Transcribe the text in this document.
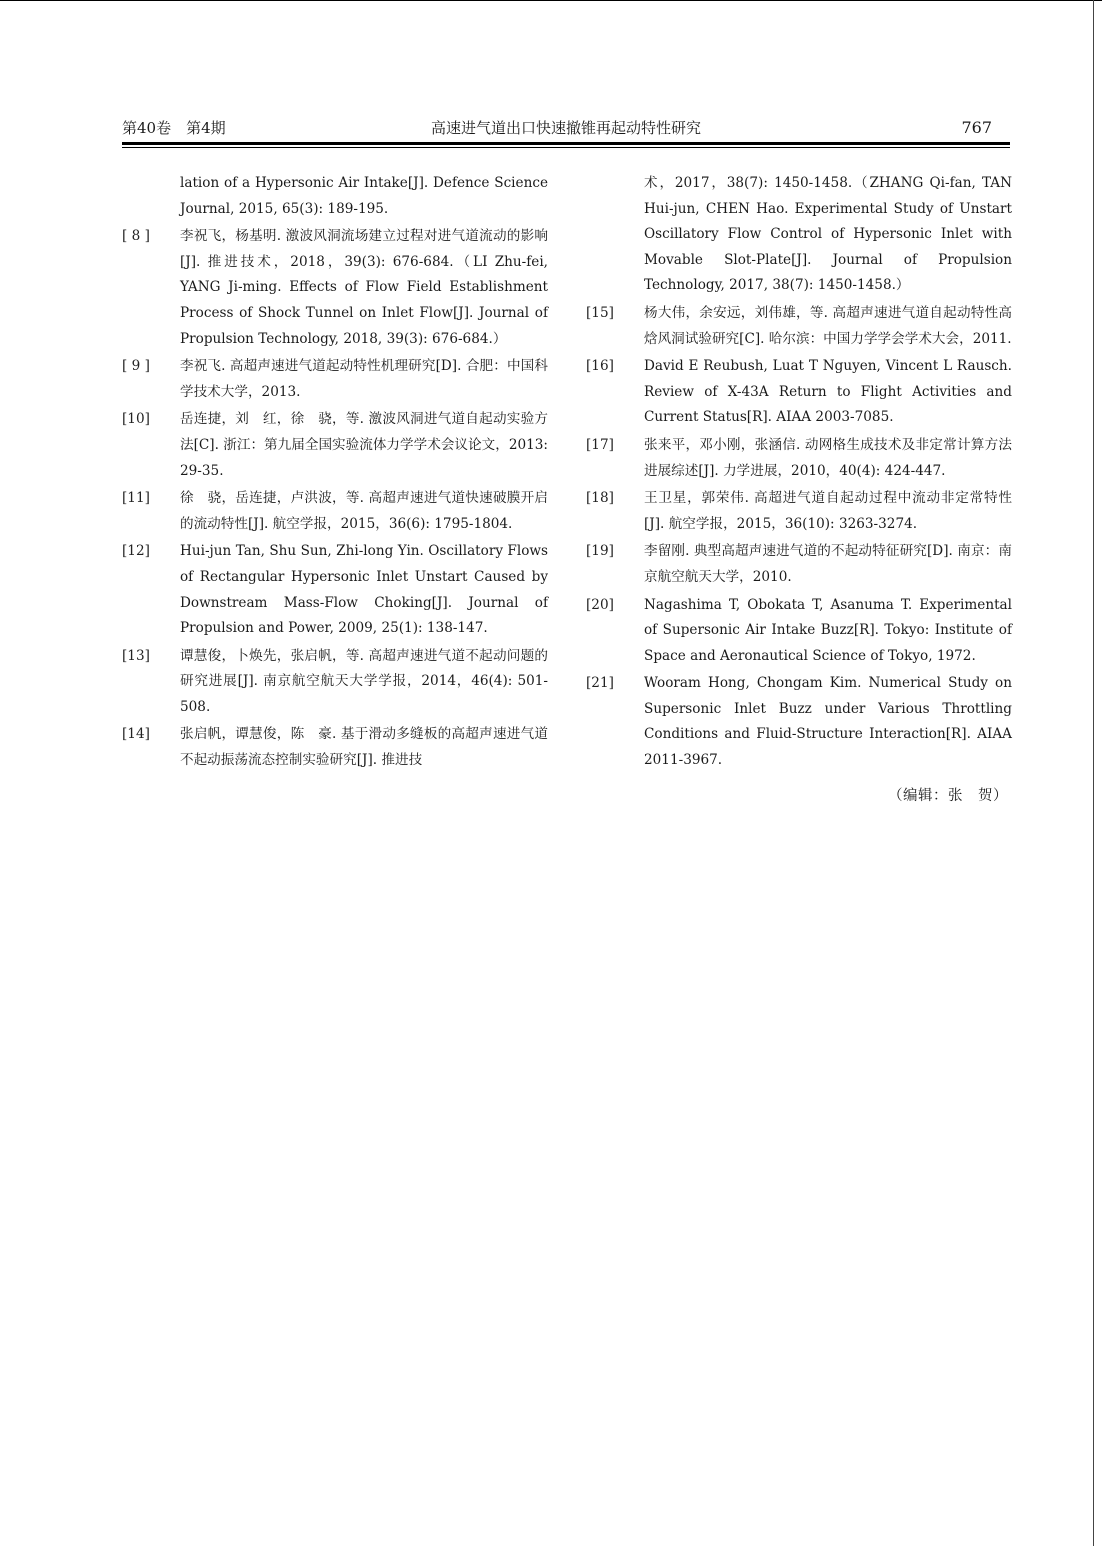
第40卷　第4期	高速进气道出口快速撤锥再起动特性研究	767
lation of a Hypersonic Air Intake[J]. Defence Science Journal, 2015, 65(3): 189-195.
[ 8 ]	李祝飞，杨基明. 激波风洞流场建立过程对进气道流动的影响[J]. 推进技术，2018，39(3): 676-684.（LI Zhu-fei, YANG Ji-ming. Effects of Flow Field Establishment Process of Shock Tunnel on Inlet Flow[J]. Journal of Propulsion Technology, 2018, 39(3): 676-684.）
[ 9 ]	李祝飞. 高超声速进气道起动特性机理研究[D]. 合肥：中国科学技术大学，2013.
[10]	岳连捷，刘　红，徐　骁，等. 激波风洞进气道自起动实验方法[C]. 浙江：第九届全国实验流体力学学术会议论文，2013: 29-35.
[11]	徐　骁，岳连捷，卢洪波，等. 高超声速进气道快速破膜开启的流动特性[J]. 航空学报，2015，36(6): 1795-1804.
[12]	Hui-jun Tan, Shu Sun, Zhi-long Yin. Oscillatory Flows of Rectangular Hypersonic Inlet Unstart Caused by Downstream Mass-Flow Choking[J]. Journal of Propulsion and Power, 2009, 25(1): 138-147.
[13]	谭慧俊，卜焕先，张启帆，等. 高超声速进气道不起动问题的研究进展[J]. 南京航空航天大学学报，2014，46(4): 501-508.
[14]	张启帆，谭慧俊，陈　豪. 基于滑动多缝板的高超声速进气道不起动振荡流态控制实验研究[J]. 推进技
术，2017，38(7): 1450-1458.（ZHANG Qi-fan, TAN Hui-jun, CHEN Hao. Experimental Study of Unstart Oscillatory Flow Control of Hypersonic Inlet with Movable Slot-Plate[J]. Journal of Propulsion Technology, 2017, 38(7): 1450-1458.）
[15]	杨大伟，余安远，刘伟雄，等. 高超声速进气道自起动特性高焓风洞试验研究[C]. 哈尔滨：中国力学学会学术大会，2011.
[16]	David E Reubush, Luat T Nguyen, Vincent L Rausch. Review of X-43A Return to Flight Activities and Current Status[R]. AIAA 2003-7085.
[17]	张来平，邓小刚，张涵信. 动网格生成技术及非定常计算方法进展综述[J]. 力学进展，2010，40(4): 424-447.
[18]	王卫星，郭荣伟. 高超进气道自起动过程中流动非定常特性[J]. 航空学报，2015，36(10): 3263-3274.
[19]	李留刚. 典型高超声速进气道的不起动特征研究[D]. 南京：南京航空航天大学，2010.
[20]	Nagashima T, Obokata T, Asanuma T. Experimental of Supersonic Air Intake Buzz[R]. Tokyo: Institute of Space and Aeronautical Science of Tokyo, 1972.
[21]	Wooram Hong, Chongam Kim. Numerical Study on Supersonic Inlet Buzz under Various Throttling Conditions and Fluid-Structure Interaction[R]. AIAA 2011-3967.
（编辑：张　贺）
